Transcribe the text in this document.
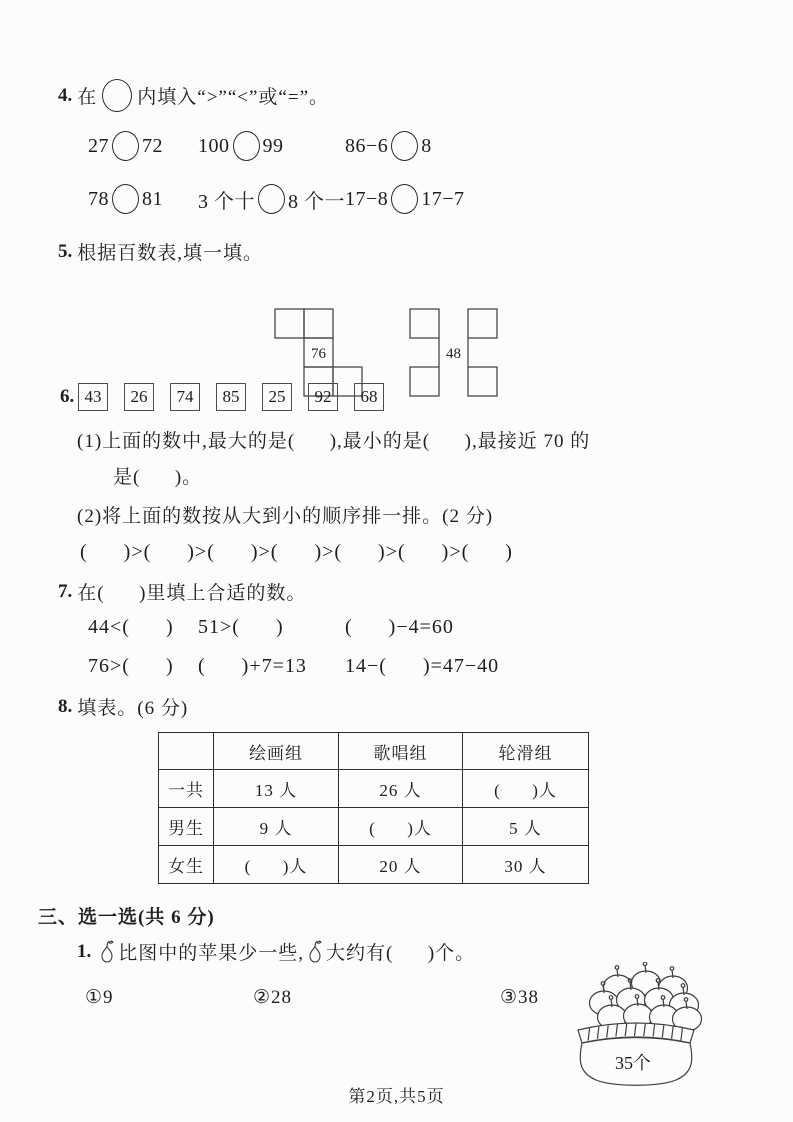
4. 在 内填入“>”“<”或“=”。
27 72 100 99	86−6 8
78 81 3 个十 8 个一 17−8 17−7
5. 根据百数表,填一填。

76

	48

6. 43	26	74	85	25	92	68
(1)上面的数中,最大的是(      ),最小的是(      ),最接近 70 的
是(      )。
(2)将上面的数按从大到小的顺序排一排。(2 分)
(      )>(      )>(      )>(      )>(      )>(      )>(      )
7. 在(      )里填上合适的数。
44<(      ) 51>(      )	(      )−4=60
76>(      ) (      )+7=13 14−(      )=47−40
8. 填表。(6 分)
	绘画组	歌唱组	轮滑组
一共	13 人	26 人	(      )人
男生	9 人	(      )人	5 人
女生	(      )人	20 人	30 人
三、选一选(共 6 分)
1. 比图中的苹果少一些, 大约有(      )个。
①9	②28	③38

35个

第2页,共5页
